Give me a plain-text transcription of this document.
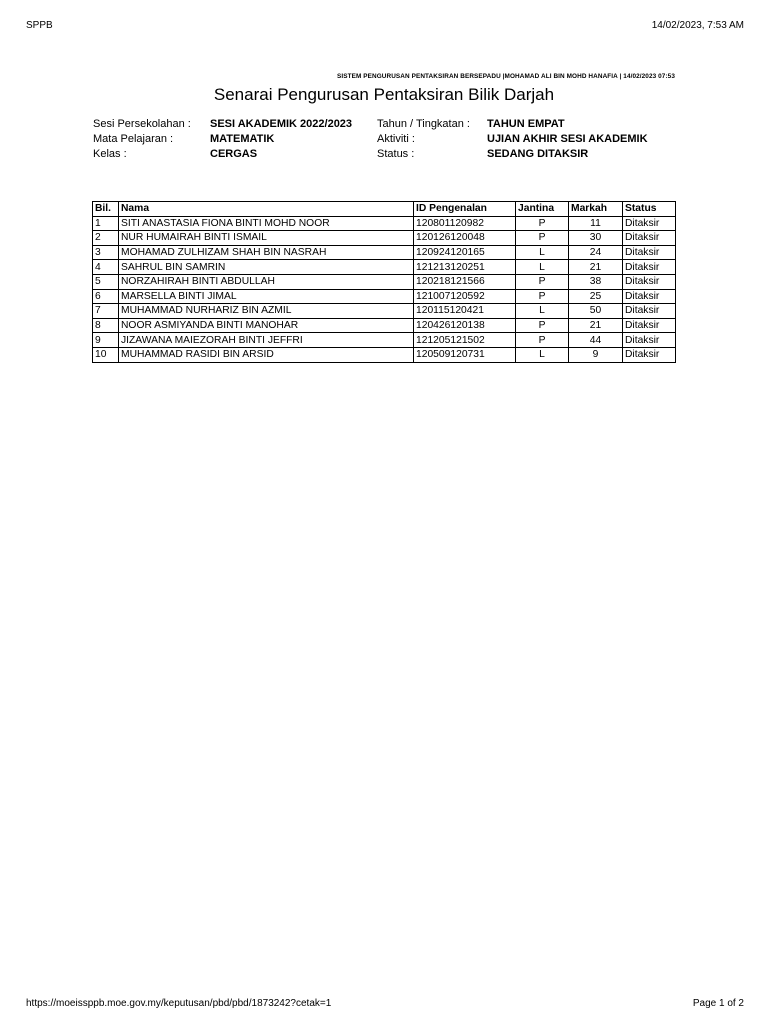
SPPB	14/02/2023, 7:53 AM
SISTEM PENGURUSAN PENTAKSIRAN BERSEPADU |MOHAMAD ALI BIN MOHD HANAFIA | 14/02/2023 07:53
Senarai Pengurusan Pentaksiran Bilik Darjah
Sesi Persekolahan : SESI AKADEMIK 2022/2023 Tahun / Tingkatan : TAHUN EMPAT
Mata Pelajaran :	MATEMATIK	Aktiviti :	UJIAN AKHIR SESI AKADEMIK
Kelas :	CERGAS	Status :	SEDANG DITAKSIR
Bil.	Nama	ID Pengenalan	Jantina	Markah	Status
1	SITI ANASTASIA FIONA BINTI MOHD NOOR	120801120982	P	11	Ditaksir
2	NUR HUMAIRAH BINTI ISMAIL	120126120048	P	30	Ditaksir
3	MOHAMAD ZULHIZAM SHAH BIN NASRAH	120924120165	L	24	Ditaksir
4	SAHRUL BIN SAMRIN	121213120251	L	21	Ditaksir
5	NORZAHIRAH BINTI ABDULLAH	120218121566	P	38	Ditaksir
6	MARSELLA BINTI JIMAL	121007120592	P	25	Ditaksir
7	MUHAMMAD NURHARIZ BIN AZMIL	120115120421	L	50	Ditaksir
8	NOOR ASMIYANDA BINTI MANOHAR	120426120138	P	21	Ditaksir
9	JIZAWANA MAIEZORAH BINTI JEFFRI	121205121502	P	44	Ditaksir
10	MUHAMMAD RASIDI BIN ARSID	120509120731	L	9	Ditaksir
https://moeissppb.moe.gov.my/keputusan/pbd/pbd/1873242?cetak=1	Page 1 of 2
